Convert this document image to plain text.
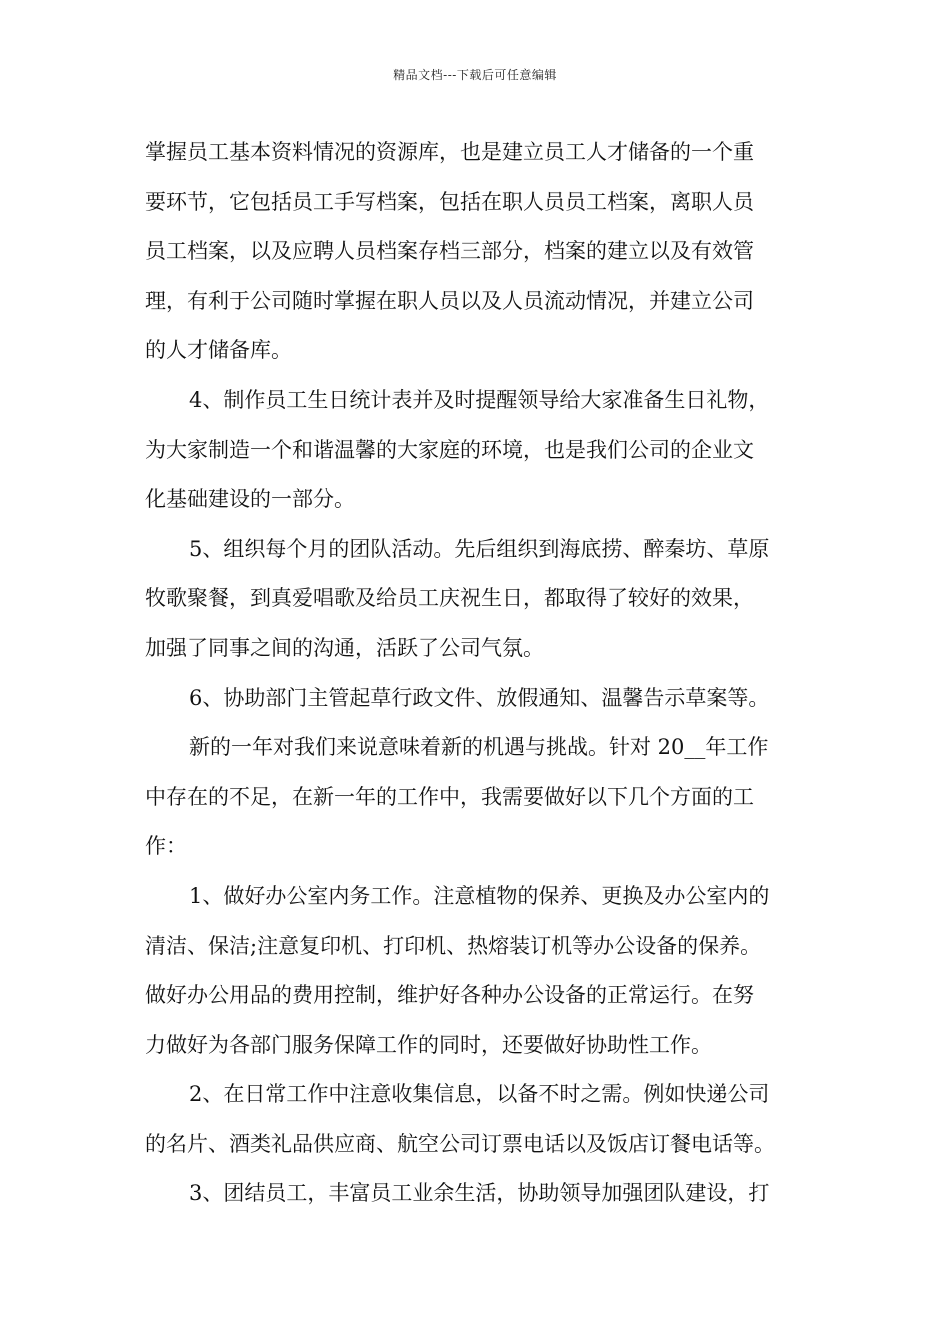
精品文档---下载后可任意编辑
掌握员工基本资料情况的资源库，也是建立员工人才储备的一个重
要环节，它包括员工手写档案，包括在职人员员工档案，离职人员
员工档案，以及应聘人员档案存档三部分，档案的建立以及有效管
理，有利于公司随时掌握在职人员以及人员流动情况，并建立公司
的人才储备库。
4、制作员工生日统计表并及时提醒领导给大家准备生日礼物，
为大家制造一个和谐温馨的大家庭的环境，也是我们公司的企业文
化基础建设的一部分。
5、组织每个月的团队活动。先后组织到海底捞、醉秦坊、草原
牧歌聚餐，到真爱唱歌及给员工庆祝生日，都取得了较好的效果，
加强了同事之间的沟通，活跃了公司气氛。
6、协助部门主管起草行政文件、放假通知、温馨告示草案等。
新的一年对我们来说意味着新的机遇与挑战。针对 20__年工作
中存在的不足，在新一年的工作中，我需要做好以下几个方面的工
作：
1、做好办公室内务工作。注意植物的保养、更换及办公室内的
清洁、保洁;注意复印机、打印机、热熔装订机等办公设备的保养。
做好办公用品的费用控制，维护好各种办公设备的正常运行。在努
力做好为各部门服务保障工作的同时，还要做好协助性工作。
2、在日常工作中注意收集信息，以备不时之需。例如快递公司
的名片、酒类礼品供应商、航空公司订票电话以及饭店订餐电话等。
3、团结员工，丰富员工业余生活，协助领导加强团队建设，打
